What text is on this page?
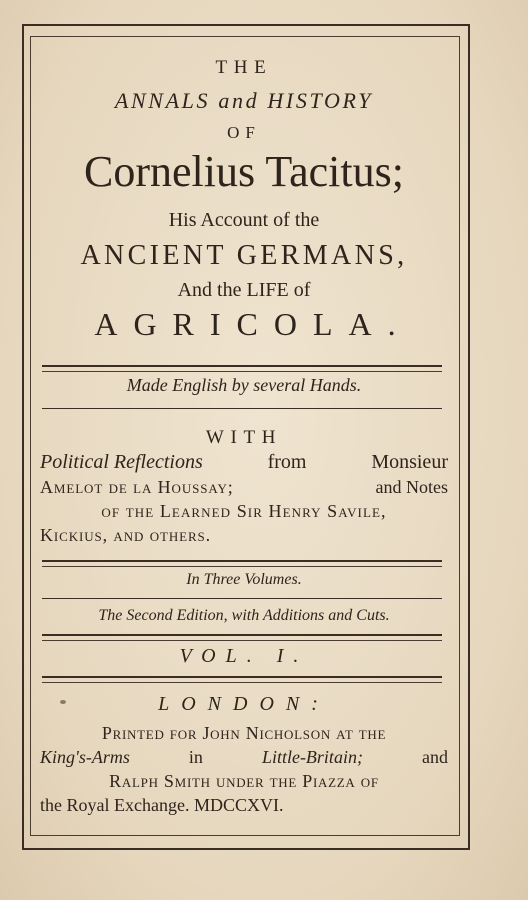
THE
ANNALS and HISTORY
OF
Cornelius Tacitus;
His Account of the
ANCIENT GERMANS,
And the LIFE of
AGRICOLA.
Made English by several Hands.
WITH
Political Reflections	from	Monsieur
Amelot de la Houssay;	and Notes
of the Learned Sir Henry Savile,
Kickius, and others.
In Three Volumes.
The Second Edition, with Additions and Cuts.
VOL. I.
LONDON:
Printed for John Nicholson at the
King's-Arms	in	Little-Britain;	and
Ralph Smith under the Piazza of
the Royal Exchange. MDCCXVI.
